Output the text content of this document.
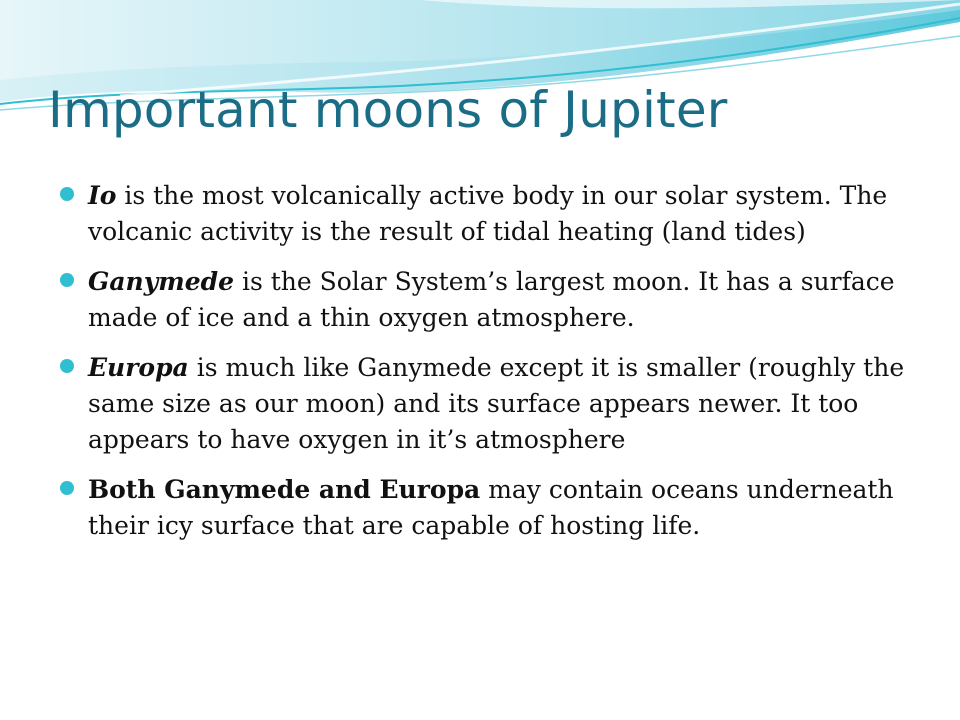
Important moons of Jupiter
Io is the most volcanically active body in our solar system. The volcanic activity is the result of tidal heating (land tides)
Ganymede is the Solar System’s largest moon. It has a surface made of ice and a thin oxygen atmosphere.
Europa is much like Ganymede except it is smaller (roughly the same size as our moon) and its surface appears newer. It too appears to have oxygen in it’s atmosphere
Both Ganymede and Europa may contain oceans underneath their icy surface that are capable of hosting life.
